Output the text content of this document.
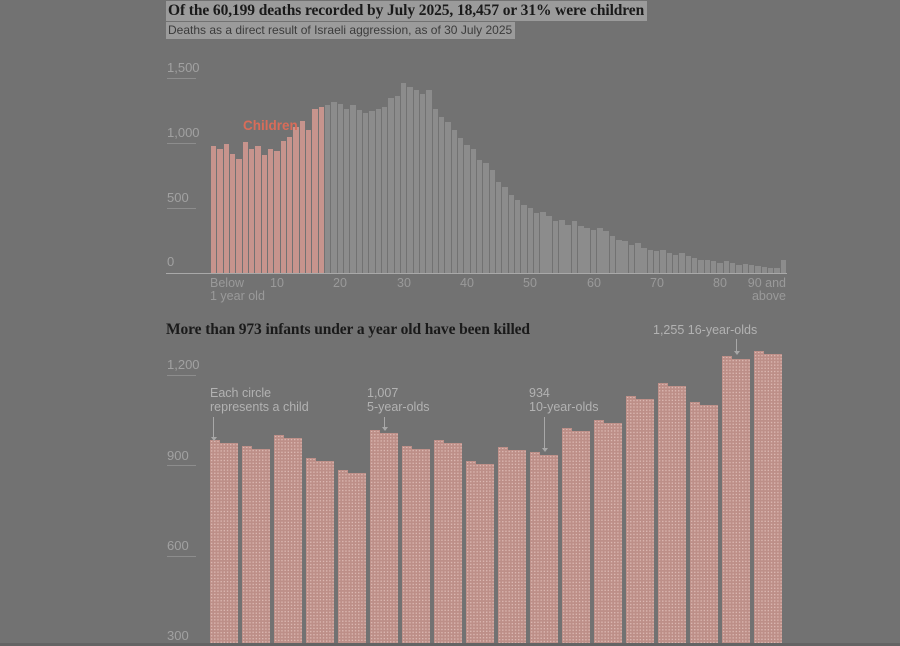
Of the 60,199 deaths recorded by July 2025, 18,457 or 31% were children
Deaths as a direct result of Israeli aggression, as of 30 July 2025
1,500
1,000
500
0
Children
Below
1 year old
10	20	30	40	50	60	70	80 90 and
above
More than 973 infants under a year old have been killed
1,200
900
600
300
Each circle
represents a child
1,007
5-year-olds
934
10-year-olds
1,255 16-year-olds
